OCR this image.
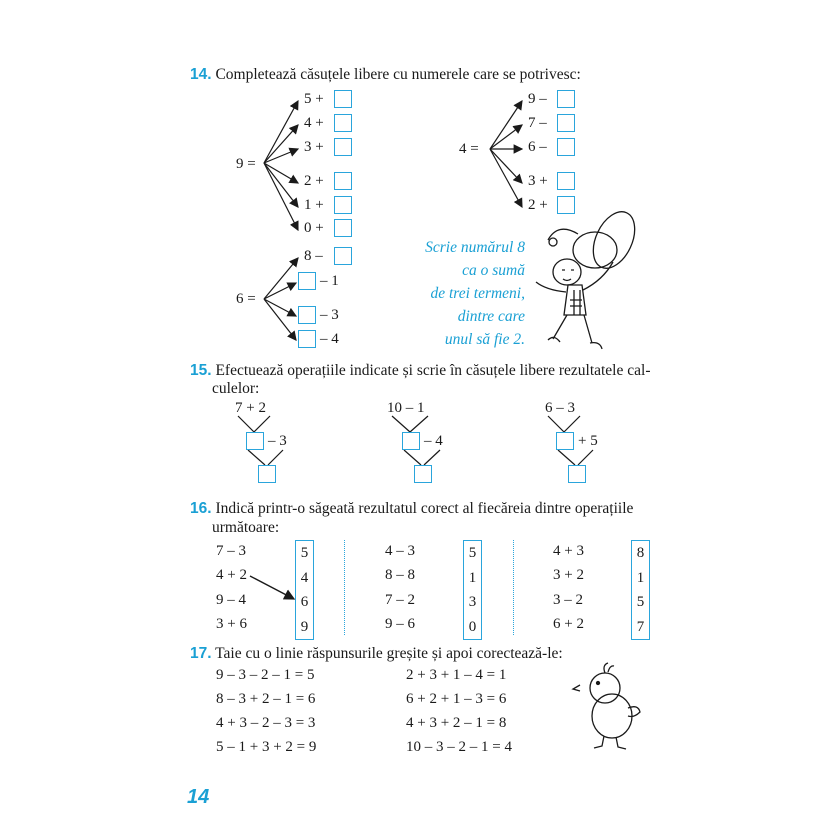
14. Completează căsuțele libere cu numerele care se potrivesc:
9 =
5 +
4 +
3 +
2 +
1 +
0 +
4 =
9 –
7 –
6 –
3 +
2 +
6 =
8 –
– 1
– 3
– 4
Scrie numărul 8
ca o sumă
de trei termeni,
dintre care
unul să fie 2.
15. Efectuează operațiile indicate și scrie în căsuțele libere rezultatele cal-
culelor:
7 + 2
– 3
10 – 1
– 4
6 – 3
+ 5
16. Indică printr-o săgeată rezultatul corect al fiecăreia dintre operațiile
următoare:
7 – 3
4 + 2
9 – 4
3 + 6
5
4
6
9
4 – 3
8 – 8
7 – 2
9 – 6
5
1
3
0
4 + 3
3 + 2
3 – 2
6 + 2
8
1
5
7
17. Taie cu o linie răspunsurile greșite și apoi corectează-le:
9 – 3 – 2 – 1 = 5
8 – 3 + 2 – 1 = 6
4 + 3 – 2 – 3 = 3
5 – 1 + 3 + 2 = 9
2 + 3 + 1 – 4 = 1
6 + 2 + 1 – 3 = 6
4 + 3 + 2 – 1 = 8
10 – 3 – 2 – 1 = 4
14
